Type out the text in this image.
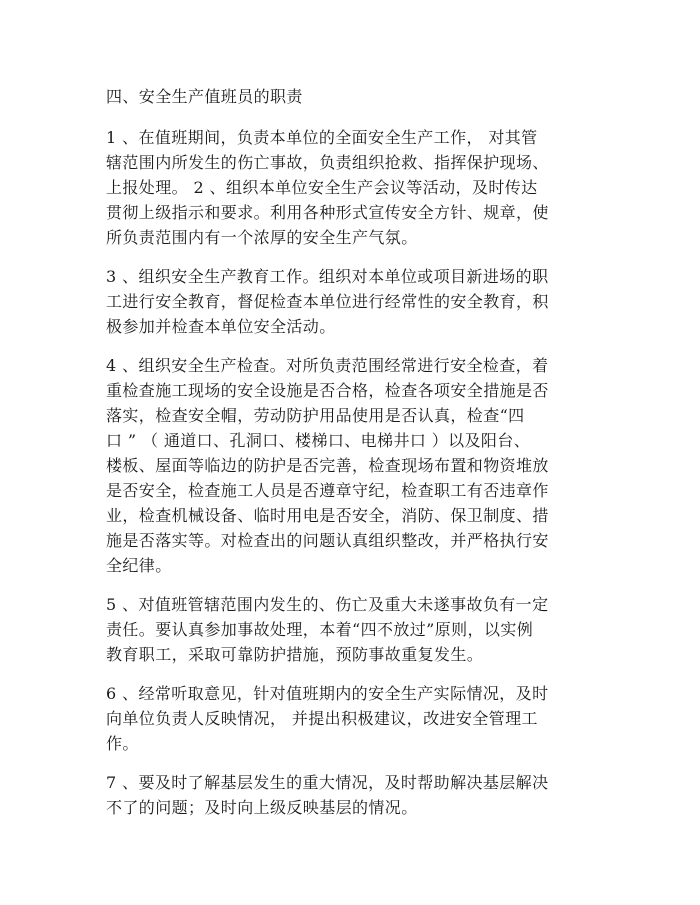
四、安全生产值班员的职责
1 、在值班期间，负责本单位的全面安全生产工作， 对其管
辖范围内所发生的伤亡事故，负责组织抢救、指挥保护现场、
上报处理。 2 、组织本单位安全生产会议等活动，及时传达
贯彻上级指示和要求。利用各种形式宣传安全方针、规章，使
所负责范围内有一个浓厚的安全生产气氛。
3 、组织安全生产教育工作。组织对本单位或项目新进场的职
工进行安全教育，督促检查本单位进行经常性的安全教育，积
极参加并检查本单位安全活动。
4 、组织安全生产检查。对所负责范围经常进行安全检查，着
重检查施工现场的安全设施是否合格，检查各项安全措施是否
落实，检查安全帽，劳动防护用品使用是否认真，检查“四
口 ” （ 通道口、孔洞口、楼梯口、电梯井口 ）以及阳台、
楼板、屋面等临边的防护是否完善，检查现场布置和物资堆放
是否安全，检查施工人员是否遵章守纪，检查职工有否违章作
业，检查机械设备、临时用电是否安全，消防、保卫制度、措
施是否落实等。对检查出的问题认真组织整改，并严格执行安
全纪律。
5 、对值班管辖范围内发生的、伤亡及重大未遂事故负有一定
责任。要认真参加事故处理，本着“四不放过”原则，以实例
教育职工，采取可靠防护措施，预防事故重复发生。
6 、经常听取意见，针对值班期内的安全生产实际情况，及时
向单位负责人反映情况， 并提出积极建议，改进安全管理工
作。
7 、要及时了解基层发生的重大情况，及时帮助解决基层解决
不了的问题；及时向上级反映基层的情况。
